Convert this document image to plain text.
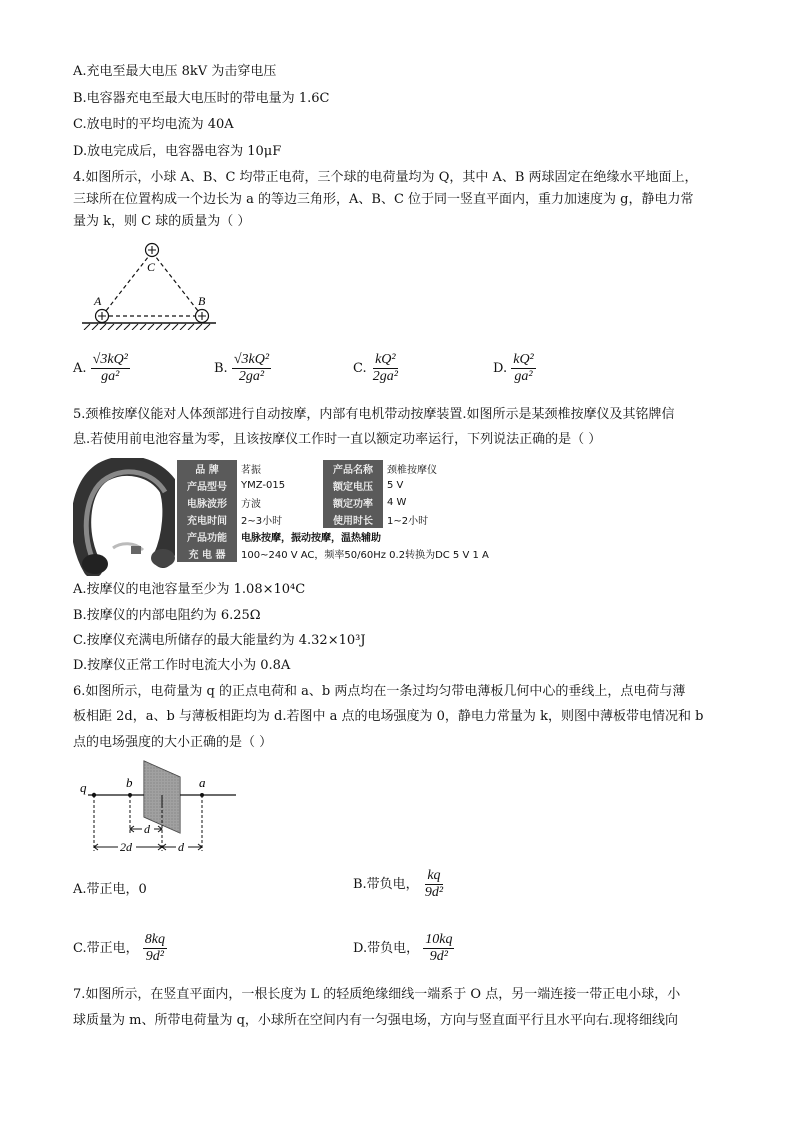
A.充电至最大电压 8kV 为击穿电压
B.电容器充电至最大电压时的带电量为 1.6C
C.放电时的平均电流为 40A
D.放电完成后，电容器电容为 10μF
4.如图所示，小球 A、B、C 均带正电荷，三个球的电荷量均为 Q，其中 A、B 两球固定在绝缘水平地面上，
三球所在位置构成一个边长为 a 的等边三角形，A、B、C 位于同一竖直平面内，重力加速度为 g，静电力常
量为 k，则 C 球的质量为（ ）
A	B
C
A. $\frac{\text{√3kQ²}}{\text{ga²}}$	B. $\frac{\text{√3kQ²}}{\text{2ga²}}$	C. $\frac{\text{kQ²}}{\text{2ga²}}$	D. $\frac{\text{kQ²}}{\text{ga²}}$
5.颈椎按摩仪能对人体颈部进行自动按摩，内部有电机带动按摩装置.如图所示是某颈椎按摩仪及其铭牌信
息.若使用前电池容量为零，且该按摩仪工作时一直以额定功率运行，下列说法正确的是（ ）
品 牌	茗振	产品名称	颈椎按摩仪
产品型号	YMZ-015	额定电压	5 V
电脉波形	方波	额定功率	4 W
充电时间	2~3小时	使用时长	1~2小时
产品功能	电脉按摩，振动按摩，温热辅助		
充 电 器	100~240 V AC，频率50/60Hz 0.2转换为DC 5 V 1 A		
A.按摩仪的电池容量至少为 1.08×10⁴C
B.按摩仪的内部电阻约为 6.25Ω
C.按摩仪充满电所储存的最大能量约为 4.32×10³J
D.按摩仪正常工作时电流大小为 0.8A
6.如图所示，电荷量为 q 的正点电荷和 a、b 两点均在一条过均匀带电薄板几何中心的垂线上，点电荷与薄
板相距 2d，a、b 与薄板相距均为 d.若图中 a 点的电场强度为 0，静电力常量为 k，则图中薄板带电情况和 b
点的电场强度的大小正确的是（ ）
q	b	a
d
2d	d
A.带正电，0	B.带负电， $\frac{kq}{\text{9d²}}$
C.带正电， $\frac{8kq}{\text{9d²}}$	D.带负电， $\frac{10kq}{\text{9d²}}$
7.如图所示，在竖直平面内，一根长度为 L 的轻质绝缘细线一端系于 O 点，另一端连接一带正电小球，小
球质量为 m、所带电荷量为 q，小球所在空间内有一匀强电场，方向与竖直面平行且水平向右.现将细线向
